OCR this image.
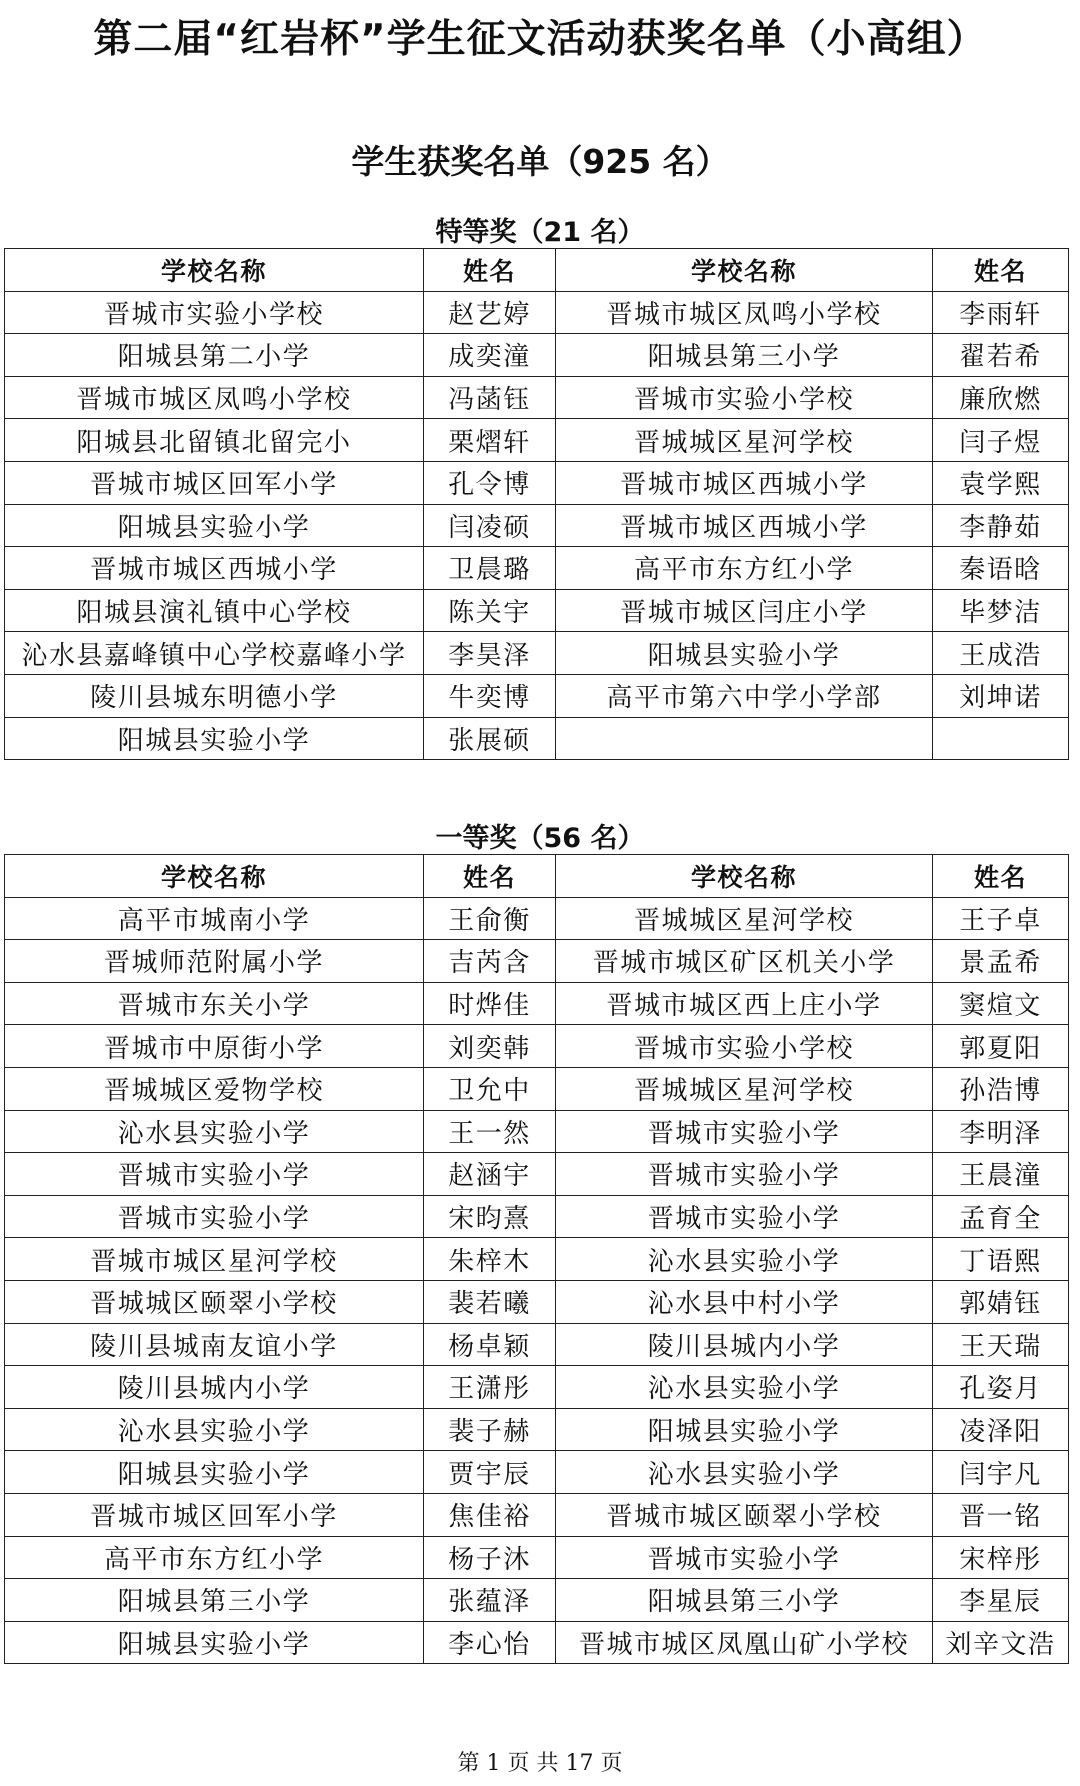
第二届“红岩杯”学生征文活动获奖名单（小高组）
学生获奖名单（925 名）
特等奖（21 名）
学校名称	姓名	学校名称	姓名
晋城市实验小学校	赵艺婷	晋城市城区凤鸣小学校	李雨轩
阳城县第二小学	成奕潼	阳城县第三小学	翟若希
晋城市城区凤鸣小学校	冯菡钰	晋城市实验小学校	廉欣燃
阳城县北留镇北留完小	栗熠轩	晋城城区星河学校	闫子煜
晋城市城区回军小学	孔令博	晋城市城区西城小学	袁学熙
阳城县实验小学	闫凌硕	晋城市城区西城小学	李静茹
晋城市城区西城小学	卫晨璐	高平市东方红小学	秦语晗
阳城县演礼镇中心学校	陈关宇	晋城市城区闫庄小学	毕梦洁
沁水县嘉峰镇中心学校嘉峰小学	李昊泽	阳城县实验小学	王成浩
陵川县城东明德小学	牛奕博	高平市第六中学小学部	刘坤诺
阳城县实验小学	张展硕		
一等奖（56 名）
学校名称	姓名	学校名称	姓名
高平市城南小学	王俞衡	晋城城区星河学校	王子卓
晋城师范附属小学	吉芮含	晋城市城区矿区机关小学	景孟希
晋城市东关小学	时烨佳	晋城市城区西上庄小学	窦煊文
晋城市中原街小学	刘奕韩	晋城市实验小学校	郭夏阳
晋城城区爱物学校	卫允中	晋城城区星河学校	孙浩博
沁水县实验小学	王一然	晋城市实验小学	李明泽
晋城市实验小学	赵涵宇	晋城市实验小学	王晨潼
晋城市实验小学	宋昀熹	晋城市实验小学	孟育全
晋城市城区星河学校	朱梓木	沁水县实验小学	丁语熙
晋城城区颐翠小学校	裴若曦	沁水县中村小学	郭婧钰
陵川县城南友谊小学	杨卓颖	陵川县城内小学	王天瑞
陵川县城内小学	王潇彤	沁水县实验小学	孔姿月
沁水县实验小学	裴子赫	阳城县实验小学	凌泽阳
阳城县实验小学	贾宇辰	沁水县实验小学	闫宇凡
晋城市城区回军小学	焦佳裕	晋城市城区颐翠小学校	晋一铭
高平市东方红小学	杨子沐	晋城市实验小学	宋梓彤
阳城县第三小学	张蕴泽	阳城县第三小学	李星辰
阳城县实验小学	李心怡	晋城市城区凤凰山矿小学校	刘辛文浩

第 1 页 共 17 页
